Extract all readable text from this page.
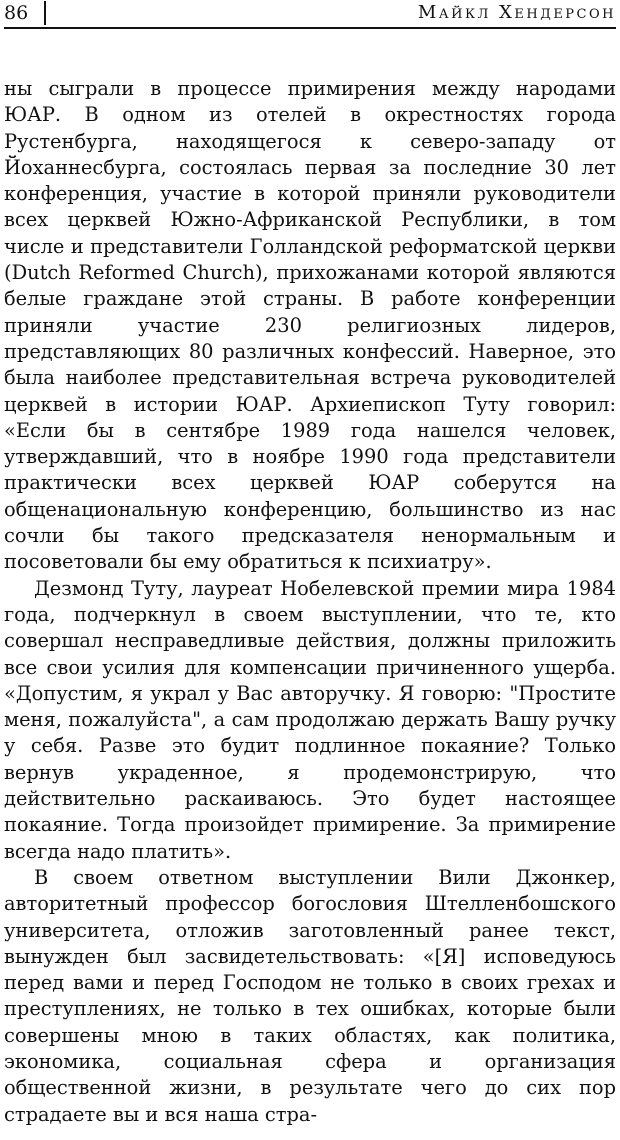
86	Майкл Хендерсон

ны сыграли в процессе примирения между народами ЮАР. В одном из отелей в окрестностях города Рустенбурга, находящегося к северо-западу от Йоханнесбурга, состоялась первая за последние 30 лет конференция, участие в которой приняли руководители всех церквей Южно-Африканской Республики, в том числе и представители Голландской реформатской церкви (Dutch Reformed Church), прихожанами которой являются белые граждане этой страны. В работе конференции приняли участие 230 религиозных лидеров, представляющих 80 различных конфессий. Наверное, это была наиболее представительная встреча руководителей церквей в истории ЮАР. Архиепископ Туту говорил: «Если бы в сентябре 1989 года нашелся человек, утверждавший, что в ноябре 1990 года представители практически всех церквей ЮАР соберутся на общенациональную конференцию, большинство из нас сочли бы такого предсказателя ненормальным и посоветовали бы ему обратиться к психиатру».

Дезмонд Туту, лауреат Нобелевской премии мира 1984 года, подчеркнул в своем выступлении, что те, кто совершал несправедливые действия, должны приложить все свои усилия для компенсации причиненного ущерба. «Допустим, я украл у Вас авторучку. Я говорю: "Простите меня, пожалуйста", а сам продолжаю держать Вашу ручку у себя. Разве это будит подлинное покаяние? Только вернув украденное, я продемонстрирую, что действительно раскаиваюсь. Это будет настоящее покаяние. Тогда произойдет примирение. За примирение всегда надо платить».

В своем ответном выступлении Вили Джонкер, авторитетный профессор богословия Штелленбошского университета, отложив заготовленный ранее текст, вынужден был засвидетельствовать: «[Я] исповедуюсь перед вами и перед Господом не только в своих грехах и преступлениях, не только в тех ошибках, которые были совершены мною в таких областях, как политика, экономика, социальная сфера и организация общественной жизни, в результате чего до сих пор страдаете вы и вся наша стра-
